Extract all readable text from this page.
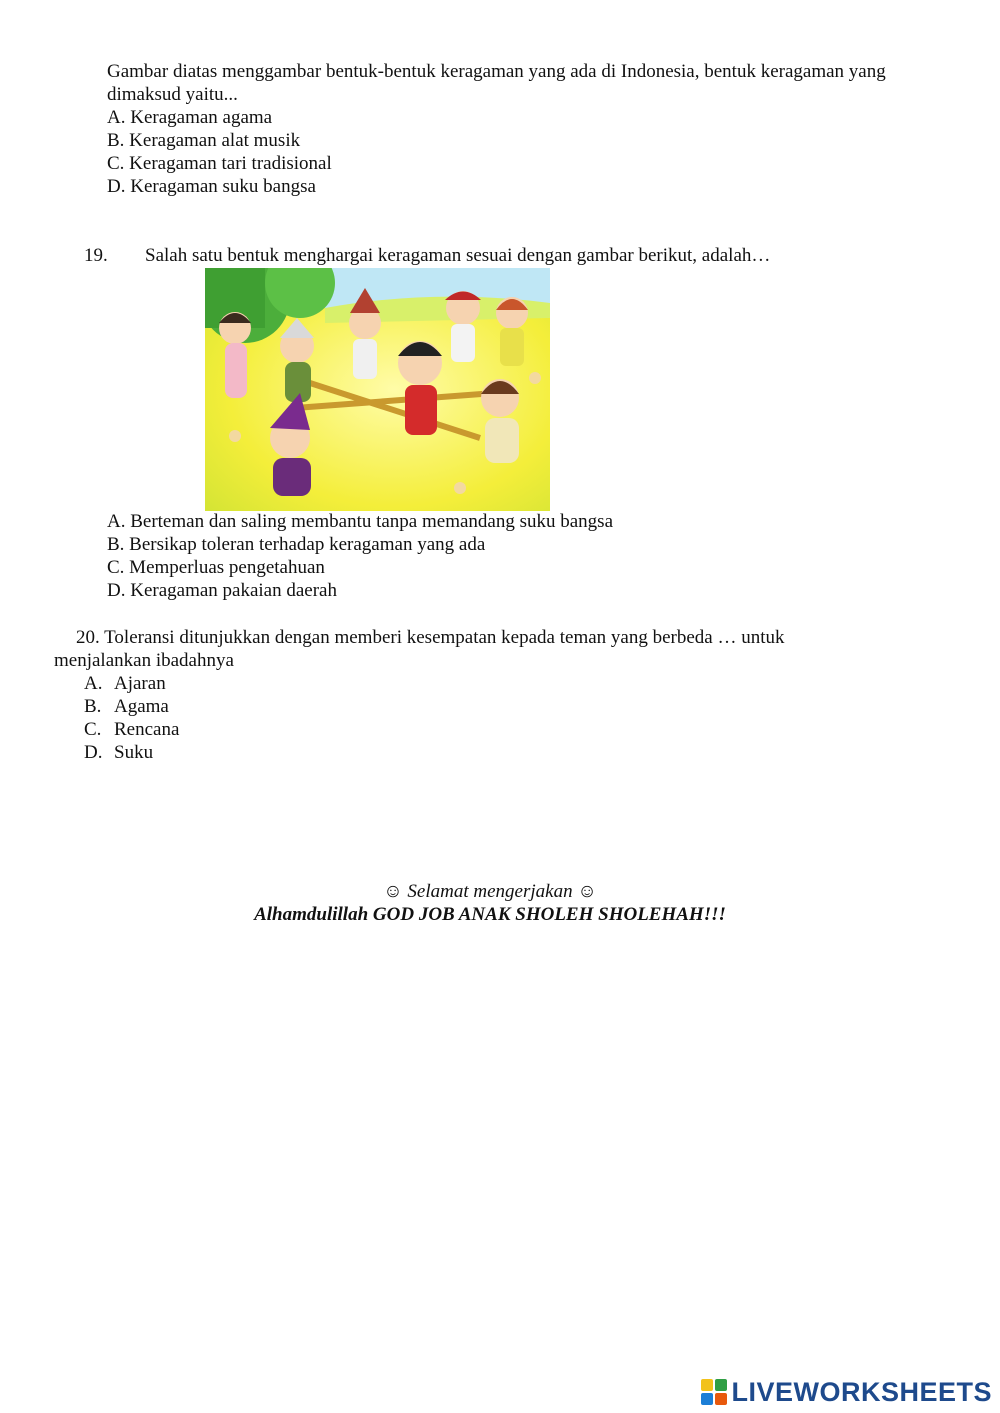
Gambar diatas menggambar bentuk-bentuk keragaman yang ada di Indonesia, bentuk keragaman yang dimaksud yaitu...
A. Keragaman agama
B. Keragaman alat musik
C. Keragaman tari tradisional
D. Keragaman suku bangsa
19. Salah satu bentuk menghargai keragaman sesuai dengan gambar berikut, adalah…
A. Berteman dan saling membantu tanpa memandang suku bangsa
B. Bersikap toleran terhadap keragaman yang ada
C. Memperluas pengetahuan
D. Keragaman pakaian daerah
20. Toleransi ditunjukkan dengan memberi kesempatan kepada teman yang berbeda … untuk
menjalankan ibadahnya
A. Ajaran
B. Agama
C. Rencana
D. Suku
☺ Selamat mengerjakan ☺
Alhamdulillah GOD JOB ANAK SHOLEH SHOLEHAH!!!
LIVEWORKSHEETS
